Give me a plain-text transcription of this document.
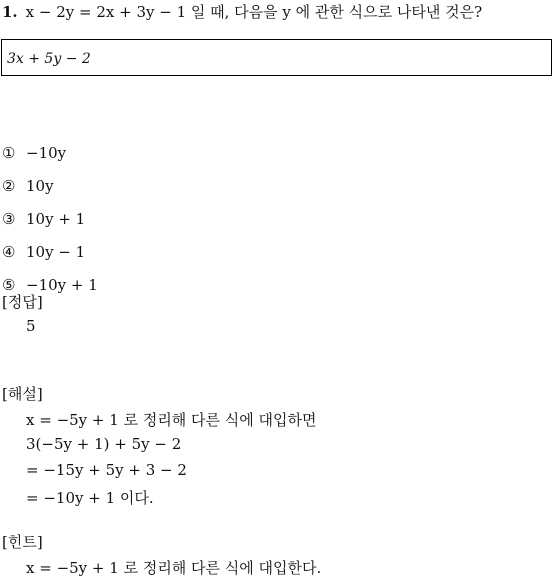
1. x − 2y = 2x + 3y − 1 일 때, 다음을 y 에 관한 식으로 나타낸 것은?
3x + 5y − 2
① −10y
② 10y
③ 10y + 1
④ 10y − 1
⑤ −10y + 1
[정답]
5
[해설]
x = −5y + 1 로 정리해 다른 식에 대입하면
3(−5y + 1) + 5y − 2
= −15y + 5y + 3 − 2
= −10y + 1 이다.
[힌트]
x = −5y + 1 로 정리해 다른 식에 대입한다.
